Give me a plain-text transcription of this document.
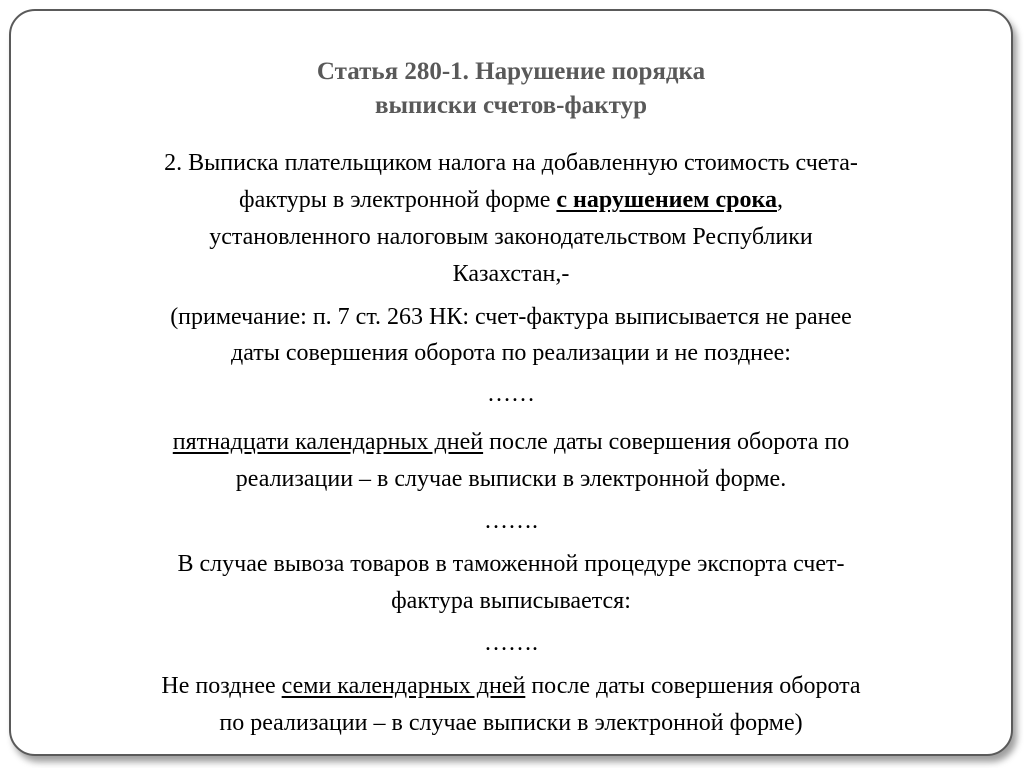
Статья 280-1. Нарушение порядка
выписки счетов-фактур
2. Выписка плательщиком налога на добавленную стоимость счета-
фактуры в электронной форме с нарушением срока,
установленного налоговым законодательством Республики
Казахстан,-
(примечание: п. 7 ст. 263 НК: счет-фактура выписывается не ранее
даты совершения оборота по реализации и не позднее:
……
пятнадцати календарных дней после даты совершения оборота по
реализации – в случае выписки в электронной форме.
…….
В случае вывоза товаров в таможенной процедуре экспорта счет-
фактура выписывается:
…….
Не позднее семи календарных дней после даты совершения оборота
по реализации – в случае выписки в электронной форме)
